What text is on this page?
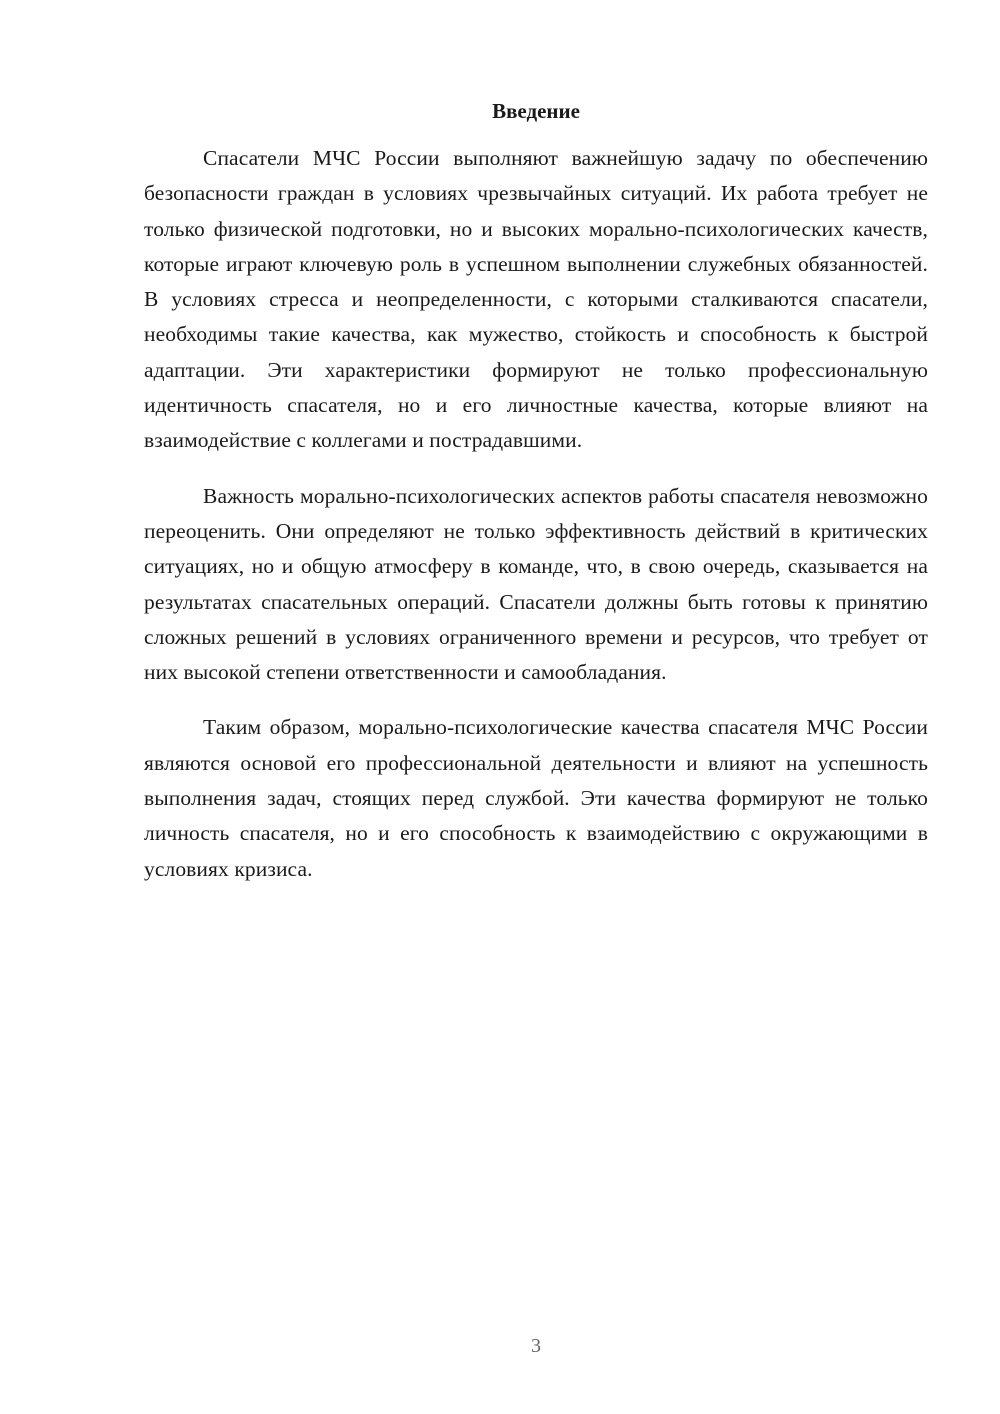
Введение

Спасатели МЧС России выполняют важнейшую задачу по обеспечению безопасности граждан в условиях чрезвычайных ситуаций. Их работа требует не только физической подготовки, но и высоких морально-психологических качеств, которые играют ключевую роль в успешном выполнении служебных обязанностей. В условиях стресса и неопределенности, с которыми сталкиваются спасатели, необходимы такие качества, как мужество, стойкость и способность к быстрой адаптации. Эти характеристики формируют не только профессиональную идентичность спасателя, но и его личностные качества, которые влияют на взаимодействие с коллегами и пострадавшими.

Важность морально-психологических аспектов работы спасателя невозможно переоценить. Они определяют не только эффективность действий в критических ситуациях, но и общую атмосферу в команде, что, в свою очередь, сказывается на результатах спасательных операций. Спасатели должны быть готовы к принятию сложных решений в условиях ограниченного времени и ресурсов, что требует от них высокой степени ответственности и самообладания.

Таким образом, морально-психологические качества спасателя МЧС России являются основой его профессиональной деятельности и влияют на успешность выполнения задач, стоящих перед службой. Эти качества формируют не только личность спасателя, но и его способность к взаимодействию с окружающими в условиях кризиса.

3
